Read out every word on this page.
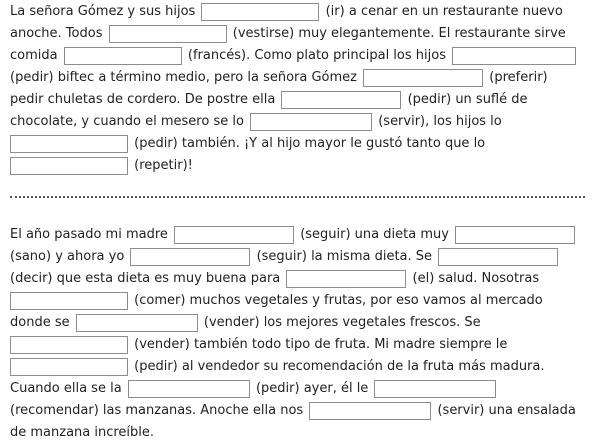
La señora Gómez y sus hijos	(ir) a cenar en un restaurante nuevo
anoche. Todos	(vestirse) muy elegantemente. El restaurante sirve
comida	(francés). Como plato principal los hijos
(pedir) biftec a término medio, pero la señora Gómez	(preferir)
pedir chuletas de cordero. De postre ella	(pedir) un suflé de
chocolate, y cuando el mesero se lo	(servir), los hijos lo
(pedir) también. ¡Y al hijo mayor le gustó tanto que lo
(repetir)!
El año pasado mi madre	(seguir) una dieta muy
(sano) y ahora yo	(seguir) la misma dieta. Se
(decir) que esta dieta es muy buena para	(el) salud. Nosotras
(comer) muchos vegetales y frutas, por eso vamos al mercado
donde se	(vender) los mejores vegetales frescos. Se
(vender) también todo tipo de fruta. Mi madre siempre le
(pedir) al vendedor su recomendación de la fruta más madura.
Cuando ella se la	(pedir) ayer, él le
(recomendar) las manzanas. Anoche ella nos	(servir) una ensalada
de manzana increíble.
